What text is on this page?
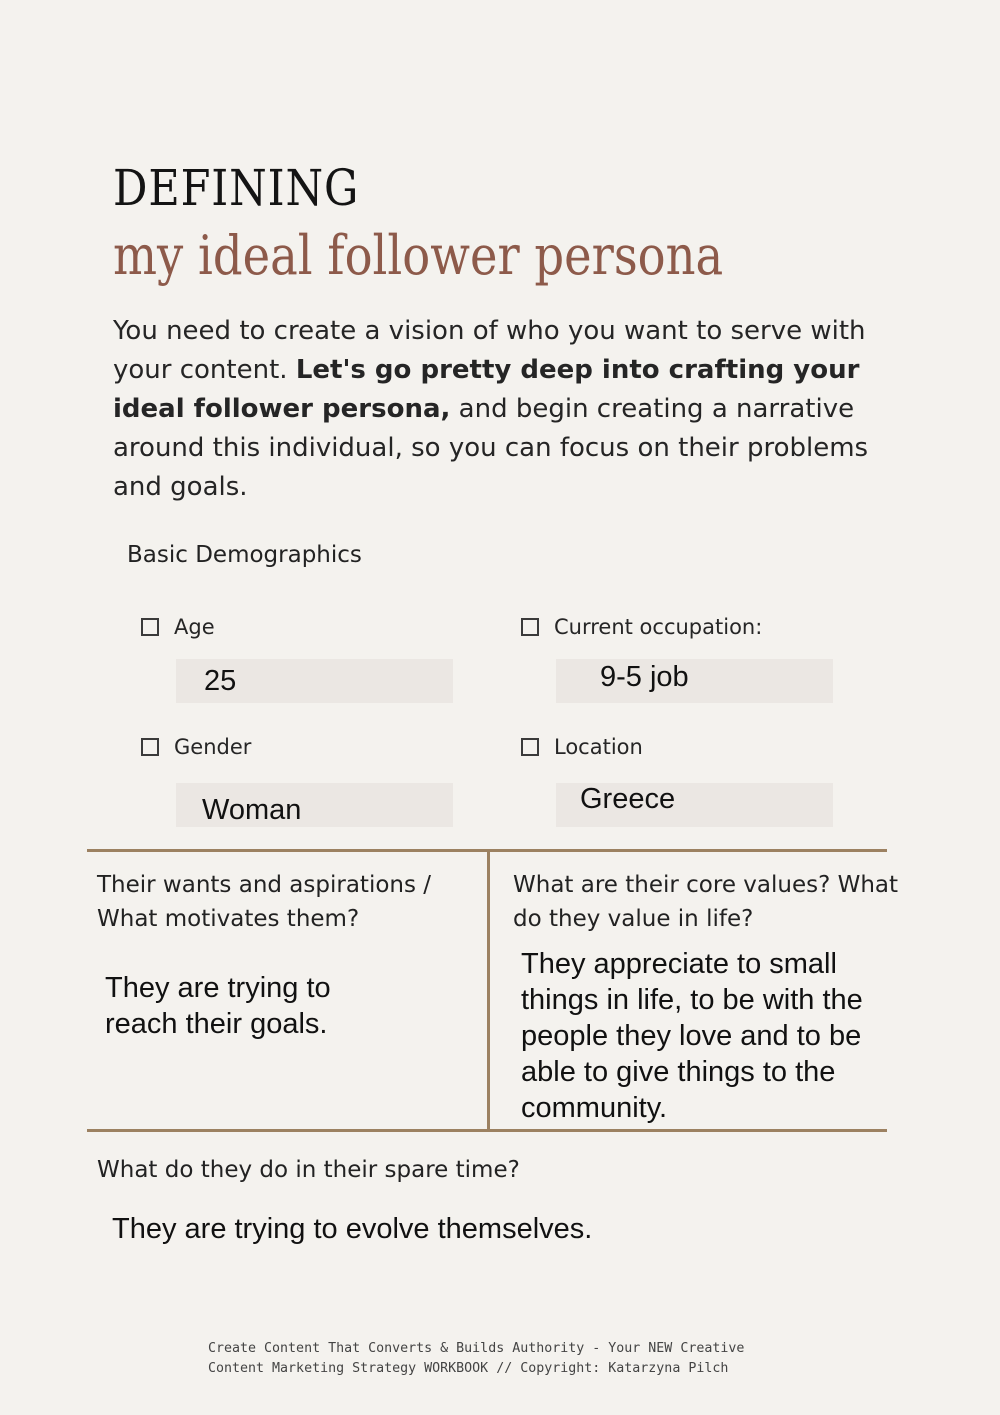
DEFINING
my ideal follower persona
You need to create a vision of who you want to serve with your content. Let's go pretty deep into crafting your ideal follower persona, and begin creating a narrative around this individual, so you can focus on their problems and goals.
Basic Demographics
Age
25
Current occupation:
9-5 job
Gender
Woman
Location
Greece
Their wants and aspirations / What motivates them?
They are trying to reach their goals.
What are their core values? What do they value in life?
They appreciate to small things in life, to be with the people they love and to be able to give things to the community.
What do they do in their spare time?
They are trying to evolve themselves.
Create Content That Converts & Builds Authority - Your NEW Creative Content Marketing Strategy WORKBOOK // Copyright: Katarzyna Pilch
